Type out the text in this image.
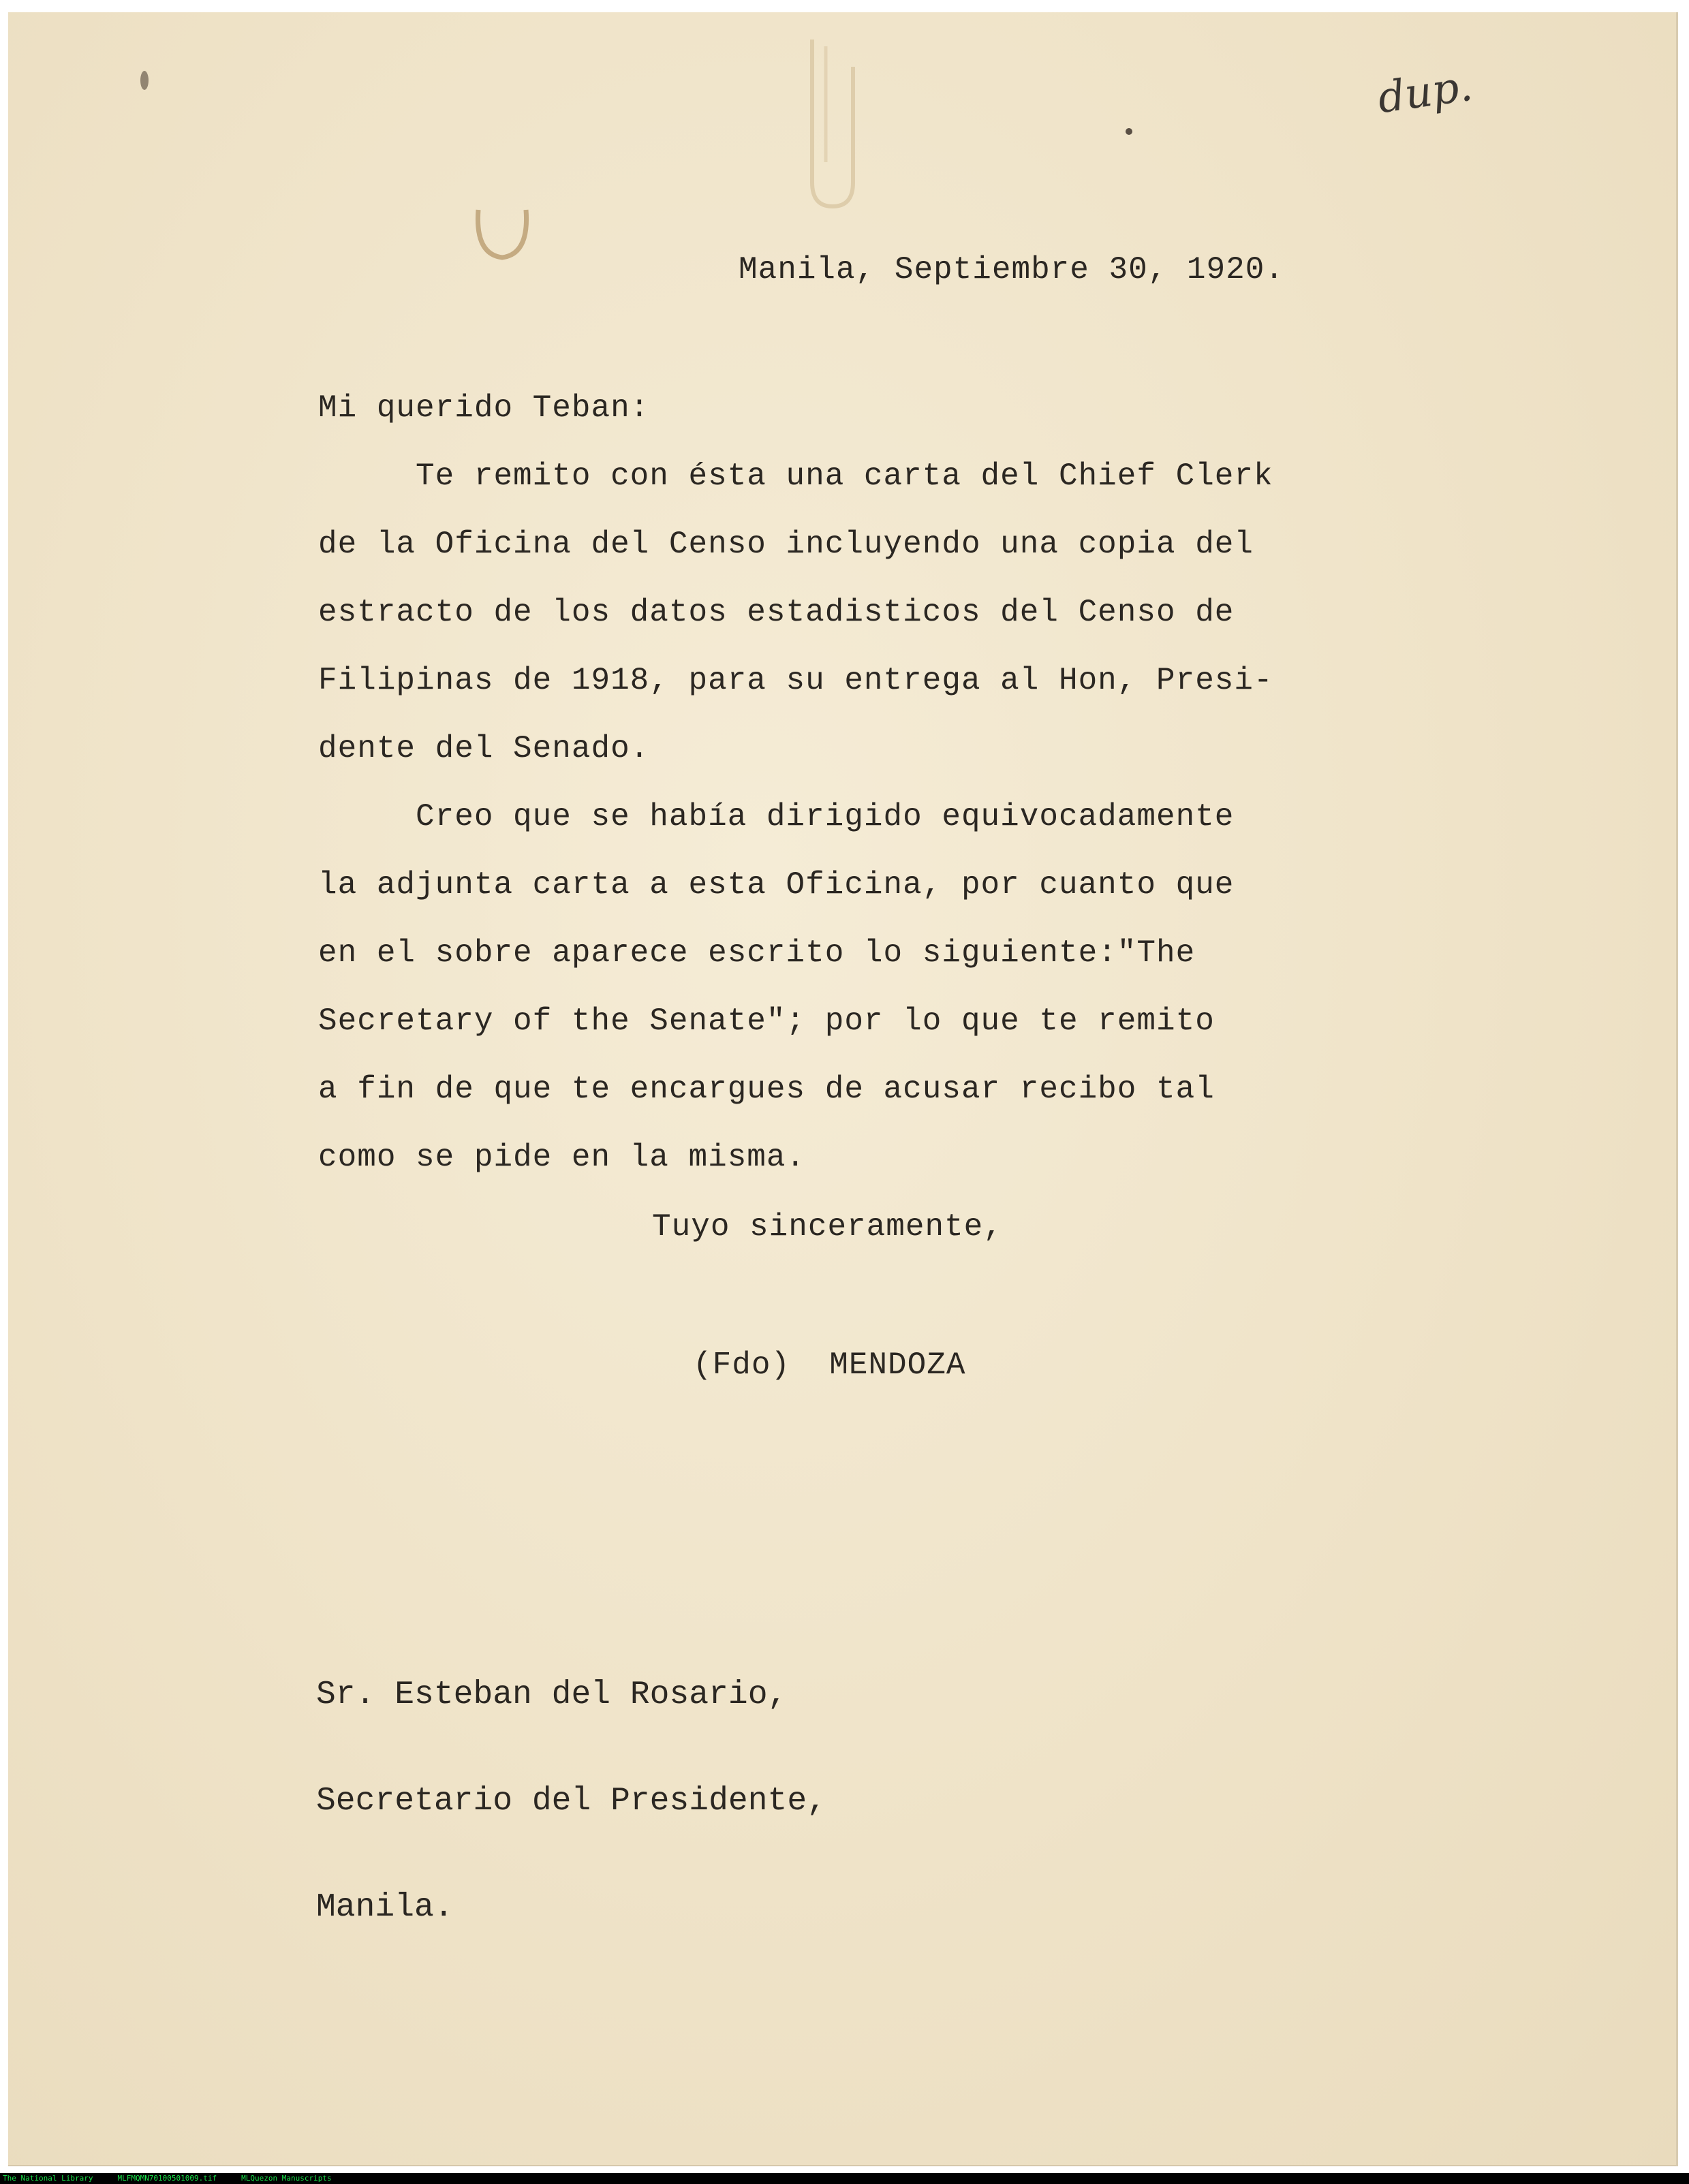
dup.

Manila, Septiembre 30, 1920.

Mi querido Teban:

Te remito con ésta una carta del Chief Clerk

de la Oficina del Censo incluyendo una copia del

estracto de los datos estadisticos del Censo de

Filipinas de 1918, para su entrega al Hon, Presi-

dente del Senado.

Creo que se había dirigido equivocadamente

la adjunta carta a esta Oficina, por cuanto que

en el sobre aparece escrito lo siguiente:"The

Secretary of the Senate"; por lo que te remito

a fin de que te encargues de acusar recibo tal

como se pide en la misma.

Tuyo sinceramente,

(Fdo)  MENDOZA

Sr. Esteban del Rosario,

Secretario del Presidente,

Manila.

The National Library	MLFMQMN70100501009.tif	MLQuezon Manuscripts
